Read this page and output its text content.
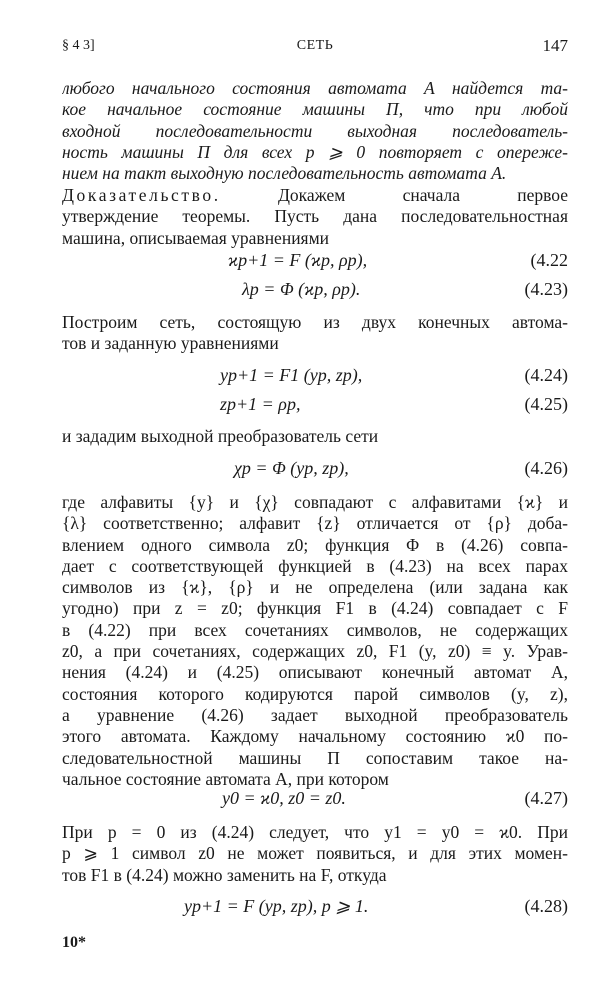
§ 4 3]	СЕТЬ	147
любого начального состояния автомата А найдется та-
кое начальное состояние машины П, что при любой
входной последовательности выходная последователь-
ность машины П для всех p ⩾ 0 повторяет с опереже-
нием на такт выходную последовательность автомата А.
Доказательство.	Докажем сначала первое
утверждение теоремы. Пусть дана последовательностная
машина, описываемая уравнениями
ϰp+1 = F (ϰp, ρp),	(4.22
λp = Φ (ϰp, ρp).	(4.23)
Построим сеть, состоящую из двух конечных автома-
тов и заданную уравнениями
yp+1 = F1 (yp, zp),	(4.24)
zp+1 = ρp,	(4.25)
и зададим выходной преобразователь сети
χp = Φ (yp, zp),	(4.26)
где алфавиты {y} и {χ} совпадают с алфавитами {ϰ} и
{λ} соответственно; алфавит {z} отличается от {ρ} доба-
влением одного символа z0; функция Φ в (4.26) совпа-
дает с соответствующей функцией в (4.23) на всех парах
символов из {ϰ}, {ρ} и не определена (или задана как
угодно) при z = z0; функция F1 в (4.24) совпадает с F
в (4.22) при всех сочетаниях символов, не содержащих
z0, а при сочетаниях, содержащих z0, F1 (y, z0) ≡ y. Урав-
нения (4.24) и (4.25) описывают конечный автомат A,
состояния которого кодируются парой символов (y, z),
а уравнение (4.26) задает выходной преобразователь
этого автомата. Каждому начальному состоянию ϰ0 по-
следовательностной машины П сопоставим такое на-
чальное состояние автомата A, при котором
y0 = ϰ0, z0 = z0.	(4.27)
При p = 0 из (4.24) следует, что y1 = y0 = ϰ0. При
p ⩾ 1 символ z0 не может появиться, и для этих момен-
тов F1 в (4.24) можно заменить на F, откуда
yp+1 = F (yp, zp), p ⩾ 1.	(4.28)
10*
